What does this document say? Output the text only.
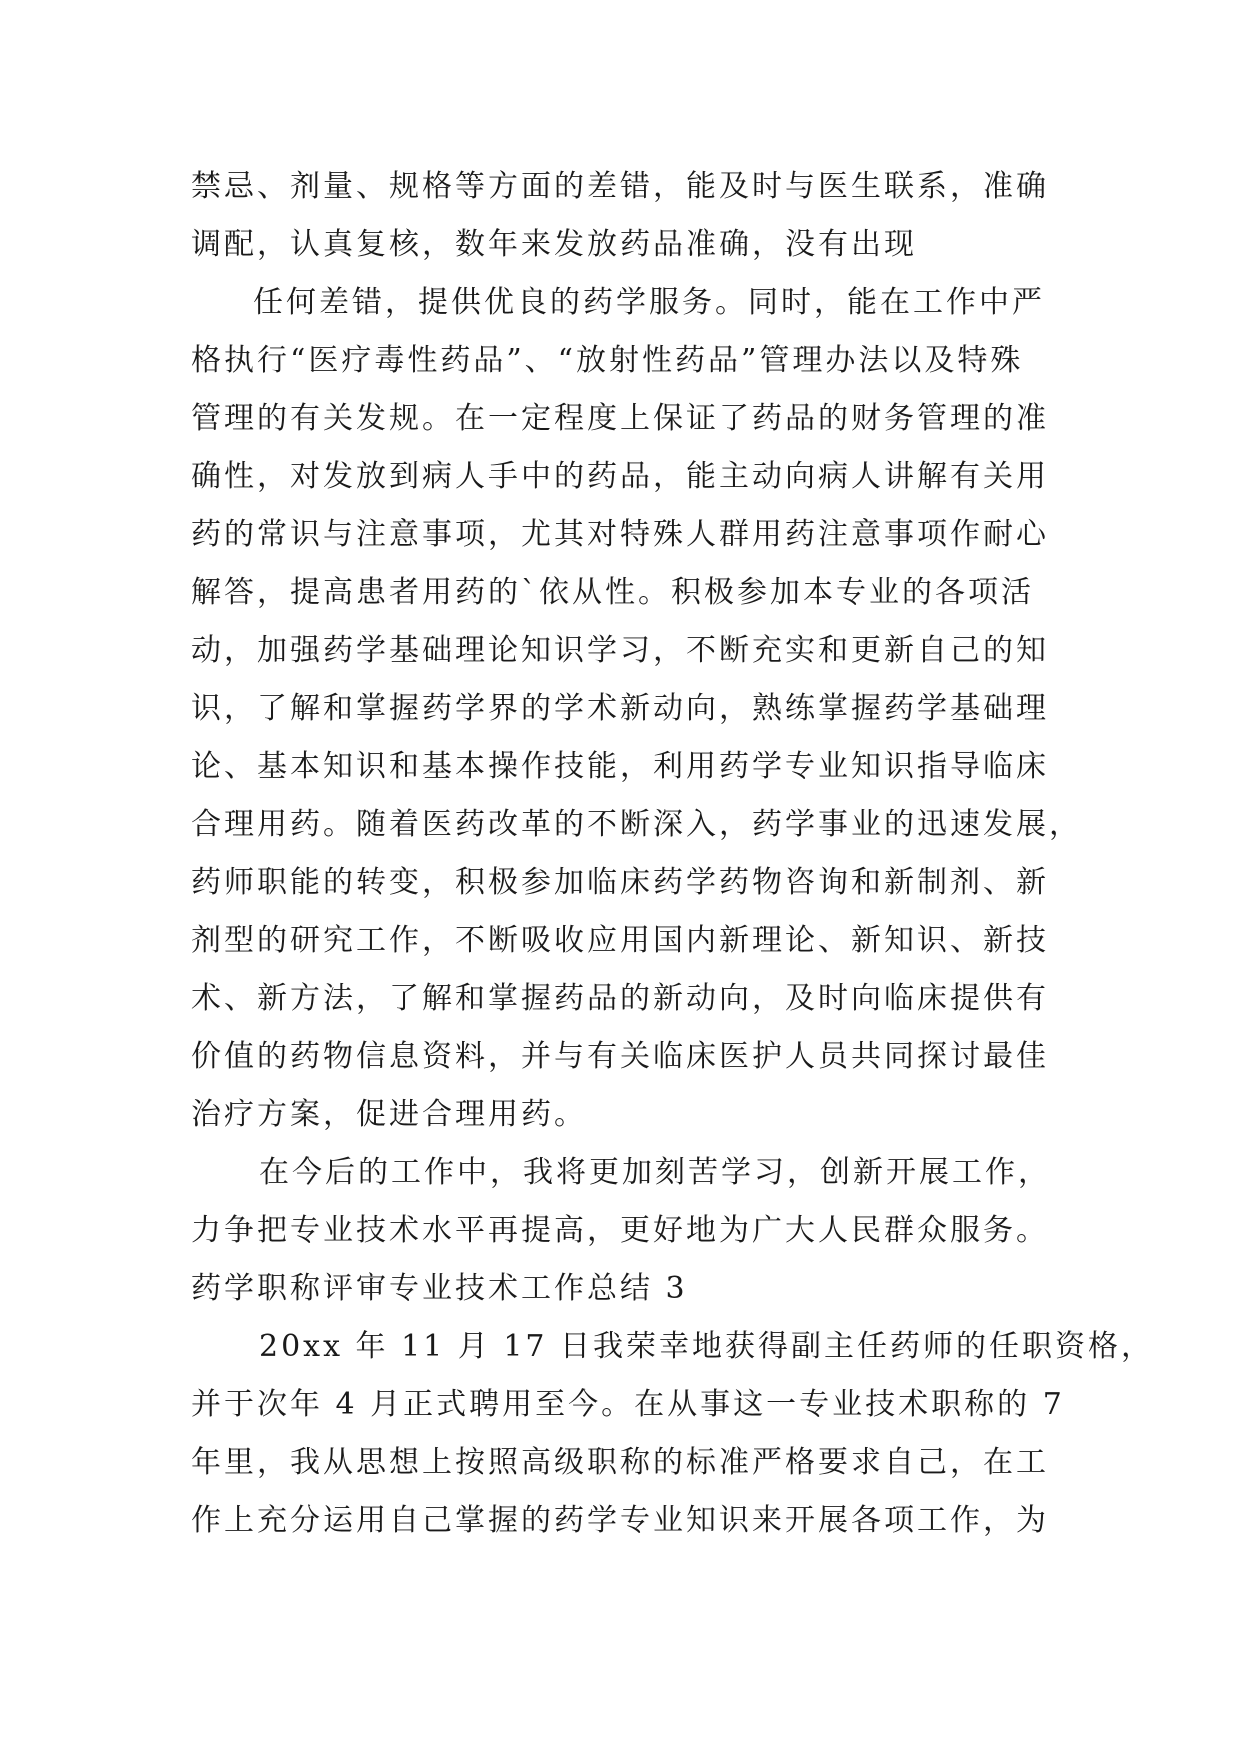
禁忌、剂量、规格等方面的差错，能及时与医生联系，准确
调配，认真复核，数年来发放药品准确，没有出现
任何差错，提供优良的药学服务。同时，能在工作中严
格执行“医疗毒性药品”、“放射性药品”管理办法以及特殊
管理的有关发规。在一定程度上保证了药品的财务管理的准
确性，对发放到病人手中的药品，能主动向病人讲解有关用
药的常识与注意事项，尤其对特殊人群用药注意事项作耐心
解答，提高患者用药的`依从性。积极参加本专业的各项活
动，加强药学基础理论知识学习，不断充实和更新自己的知
识，了解和掌握药学界的学术新动向，熟练掌握药学基础理
论、基本知识和基本操作技能，利用药学专业知识指导临床
合理用药。随着医药改革的不断深入，药学事业的迅速发展，
药师职能的转变，积极参加临床药学药物咨询和新制剂、新
剂型的研究工作，不断吸收应用国内新理论、新知识、新技
术、新方法，了解和掌握药品的新动向，及时向临床提供有
价值的药物信息资料，并与有关临床医护人员共同探讨最佳
治疗方案，促进合理用药。
在今后的工作中，我将更加刻苦学习，创新开展工作，
力争把专业技术水平再提高，更好地为广大人民群众服务。
药学职称评审专业技术工作总结 3
20xx 年 11 月 17 日我荣幸地获得副主任药师的任职资格，
并于次年 4 月正式聘用至今。在从事这一专业技术职称的 7
年里，我从思想上按照高级职称的标准严格要求自己，在工
作上充分运用自己掌握的药学专业知识来开展各项工作，为
